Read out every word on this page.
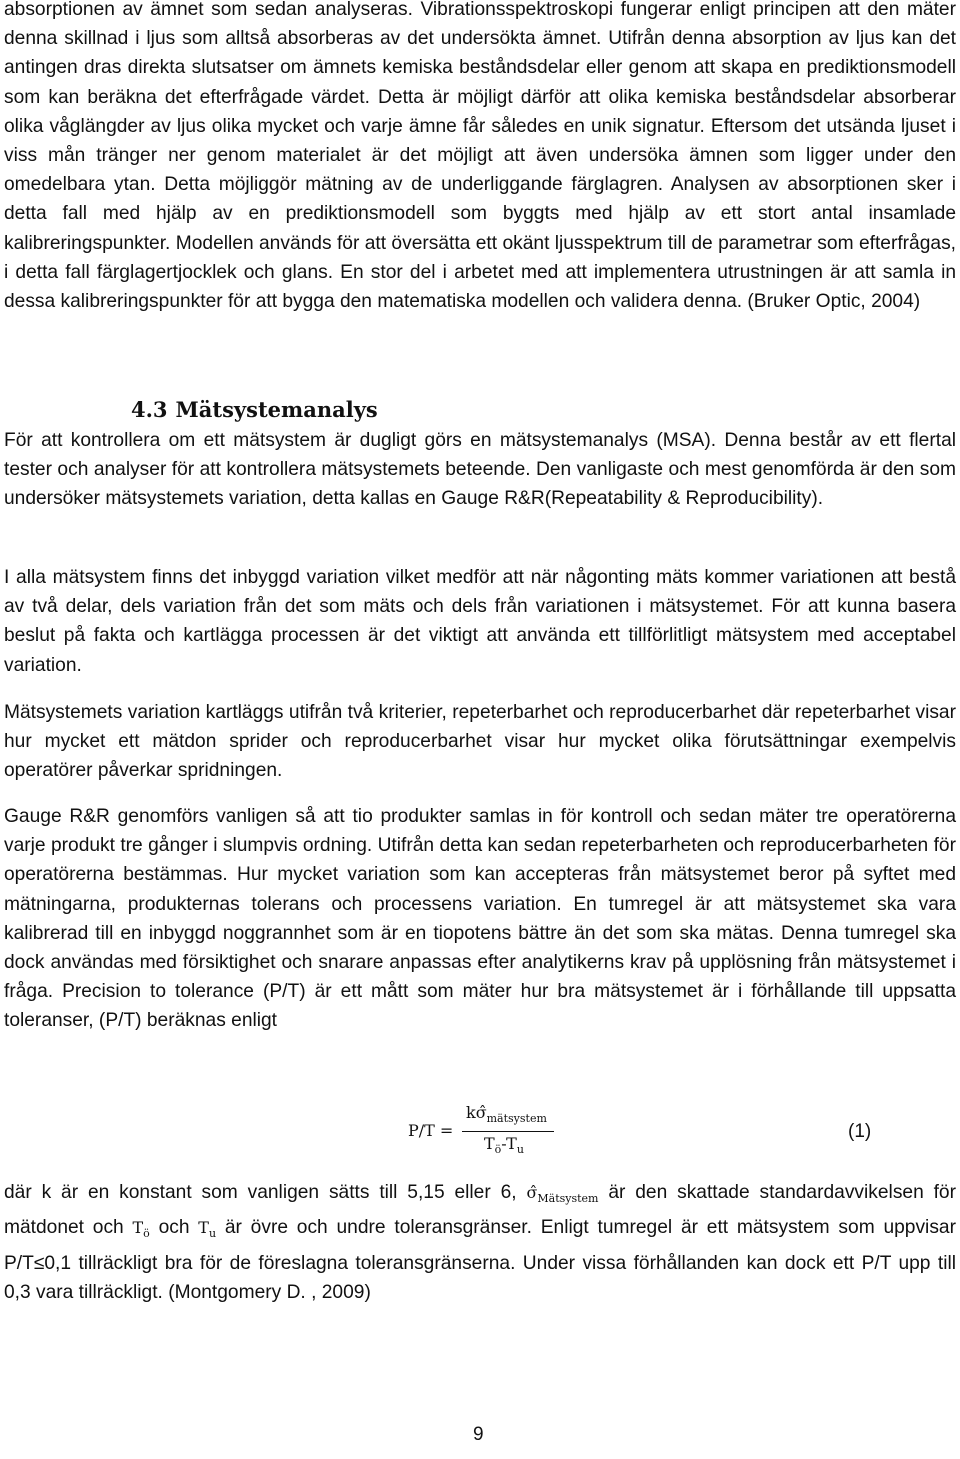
absorptionen av ämnet som sedan analyseras. Vibrationsspektroskopi fungerar enligt principen att den mäter denna skillnad i ljus som alltså absorberas av det undersökta ämnet. Utifrån denna absorption av ljus kan det antingen dras direkta slutsatser om ämnets kemiska beståndsdelar eller genom att skapa en prediktionsmodell som kan beräkna det efterfrågade värdet. Detta är möjligt därför att olika kemiska beståndsdelar absorberar olika våglängder av ljus olika mycket och varje ämne får således en unik signatur. Eftersom det utsända ljuset i viss mån tränger ner genom materialet är det möjligt att även undersöka ämnen som ligger under den omedelbara ytan. Detta möjliggör mätning av de underliggande färglagren. Analysen av absorptionen sker i detta fall med hjälp av en prediktionsmodell som byggts med hjälp av ett stort antal insamlade kalibreringspunkter. Modellen används för att översätta ett okänt ljusspektrum till de parametrar som efterfrågas, i detta fall färglagertjocklek och glans. En stor del i arbetet med att implementera utrustningen är att samla in dessa kalibreringspunkter för att bygga den matematiska modellen och validera denna. (Bruker Optic, 2004)

4.3 Mätsystemanalys

För att kontrollera om ett mätsystem är dugligt görs en mätsystemanalys (MSA). Denna består av ett flertal tester och analyser för att kontrollera mätsystemets beteende. Den vanligaste och mest genomförda är den som undersöker mätsystemets variation, detta kallas en Gauge R&R(Repeatability & Reproducibility).

I alla mätsystem finns det inbyggd variation vilket medför att när någonting mäts kommer variationen att bestå av två delar, dels variation från det som mäts och dels från variationen i mätsystemet. För att kunna basera beslut på fakta och kartlägga processen är det viktigt att använda ett tillförlitligt mätsystem med acceptabel variation.

Mätsystemets variation kartläggs utifrån två kriterier, repeterbarhet och reproducerbarhet där repeterbarhet visar hur mycket ett mätdon sprider och reproducerbarhet visar hur mycket olika förutsättningar exempelvis operatörer påverkar spridningen.

Gauge R&R genomförs vanligen så att tio produkter samlas in för kontroll och sedan mäter tre operatörerna varje produkt tre gånger i slumpvis ordning. Utifrån detta kan sedan repeterbarheten och reproducerbarheten för operatörerna bestämmas. Hur mycket variation som kan accepteras från mätsystemet beror på syftet med mätningarna, produkternas tolerans och processens variation. En tumregel är att mätsystemet ska vara kalibrerad till en inbyggd noggrannhet som är en tiopotens bättre än det som ska mätas. Denna tumregel ska dock användas med försiktighet och snarare anpassas efter analytikerns krav på upplösning från mätsystemet i fråga. Precision to tolerance (P/T) är ett mått som mäter hur bra mätsystemet är i förhållande till uppsatta toleranser, (P/T) beräknas enligt

P/T =
$k\sigmâ_{mätsystem}$
$T_ö-T_u$
(1)

där k är en konstant som vanligen sätts till 5,15 eller 6, $\sigmâ_{Mätsystem}$ är den skattade standardavvikelsen för mätdonet och $T_ö$ och $T_u$ är övre och undre toleransgränser. Enligt tumregel är ett mätsystem som uppvisar P/T≤0,1 tillräckligt bra för de föreslagna toleransgränserna. Under vissa förhållanden kan dock ett P/T upp till 0,3 vara tillräckligt. (Montgomery D. , 2009)

9
